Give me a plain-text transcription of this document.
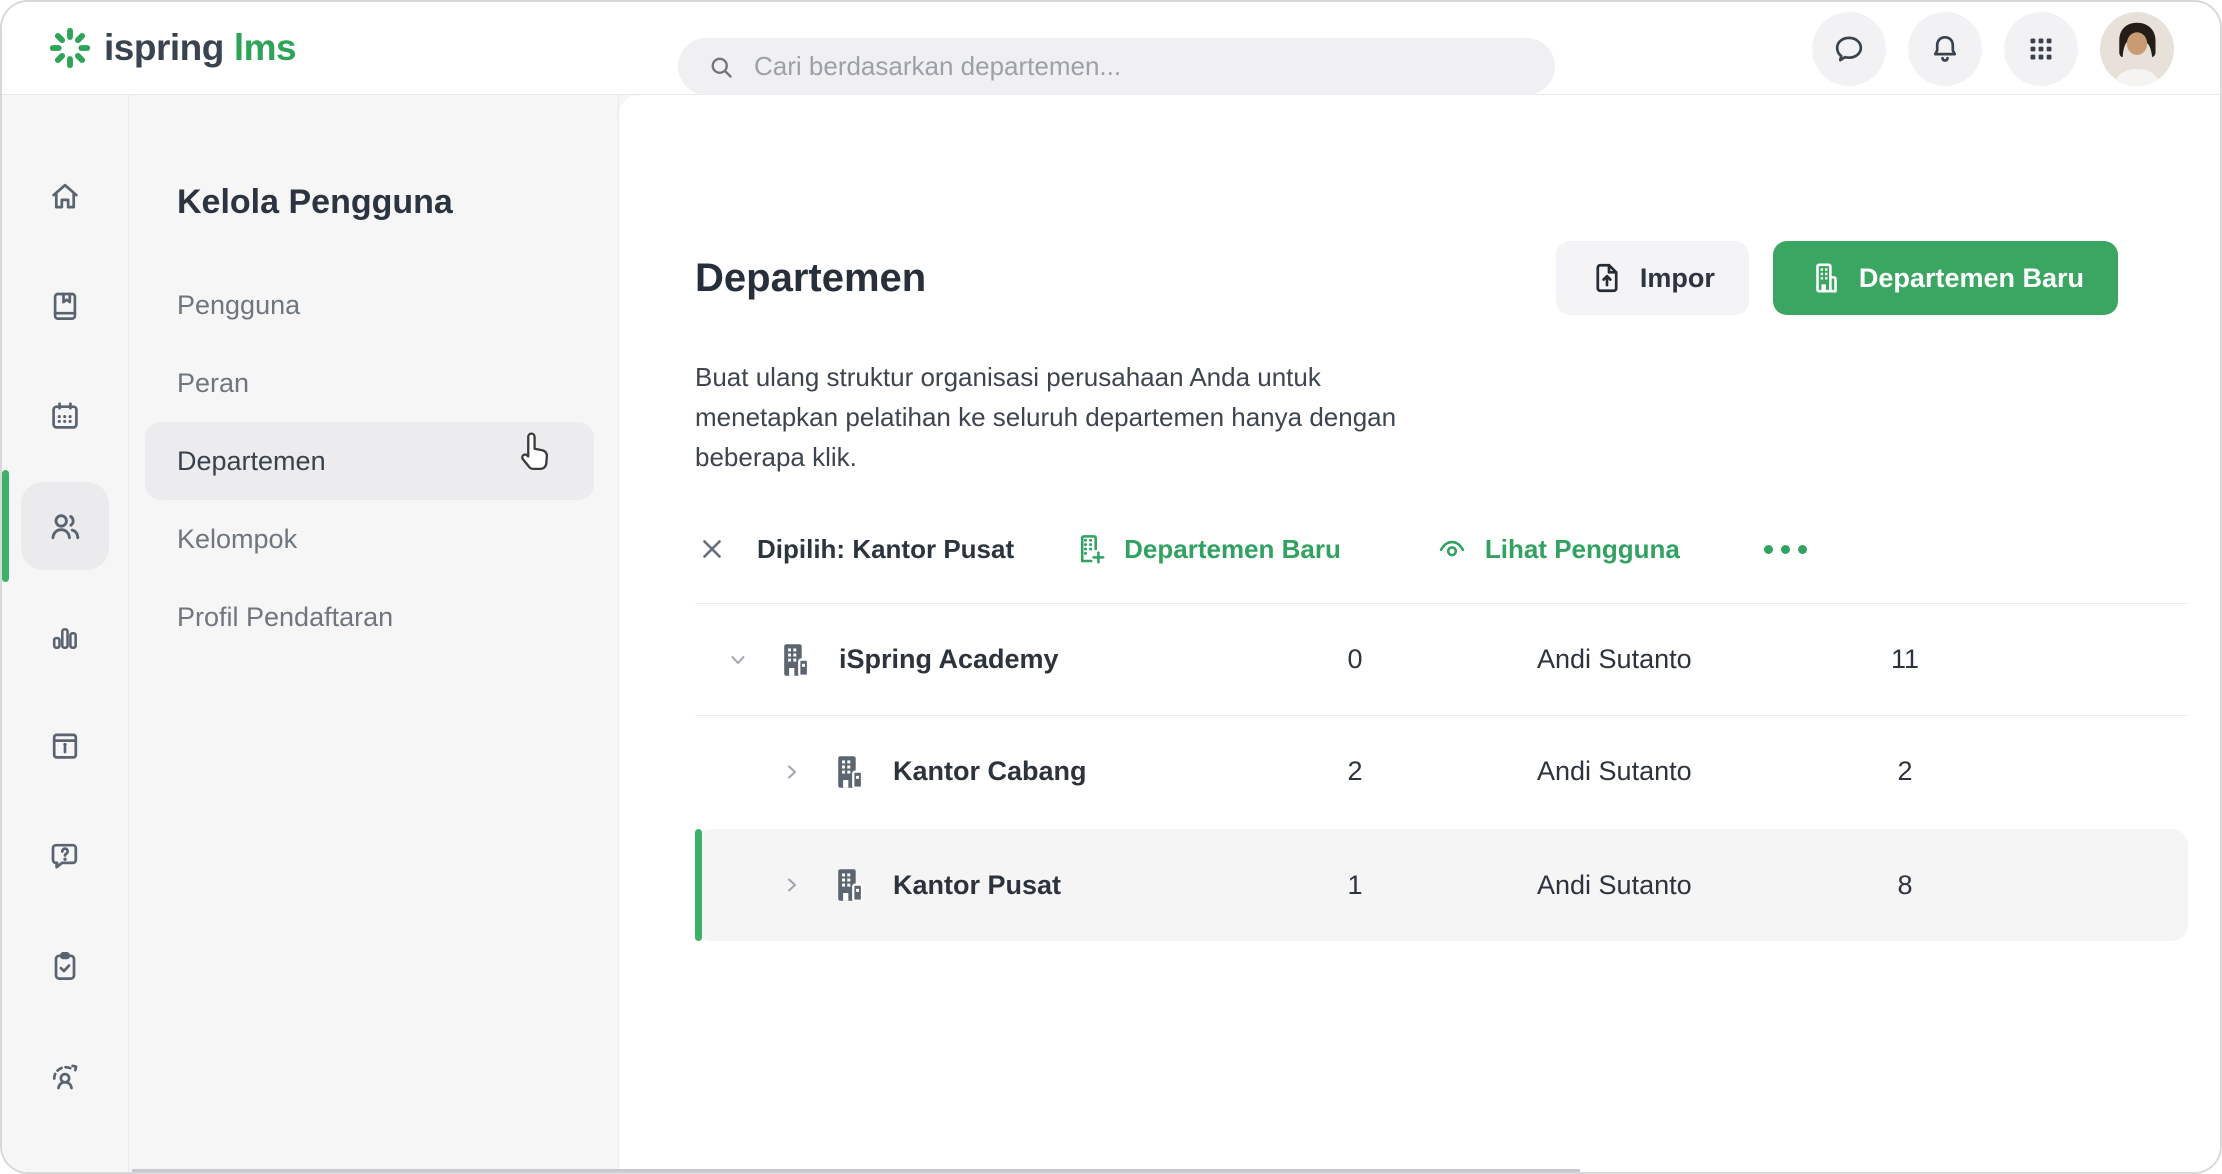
ispring lms	Cari berdasarkan departemen...
Kelola Pengguna
Pengguna
Peran
Departemen
Kelompok
Profil Pendaftaran
Departemen	Impor	Departemen Baru

Buat ulang struktur organisasi perusahaan Anda untuk menetapkan pelatihan ke seluruh departemen hanya dengan beberapa klik.

Dipilih: Kantor Pusat	Departemen Baru	Lihat Pengguna
iSpring Academy	0	Andi Sutanto	11
Kantor Cabang	2	Andi Sutanto	2
Kantor Pusat	1	Andi Sutanto	8
